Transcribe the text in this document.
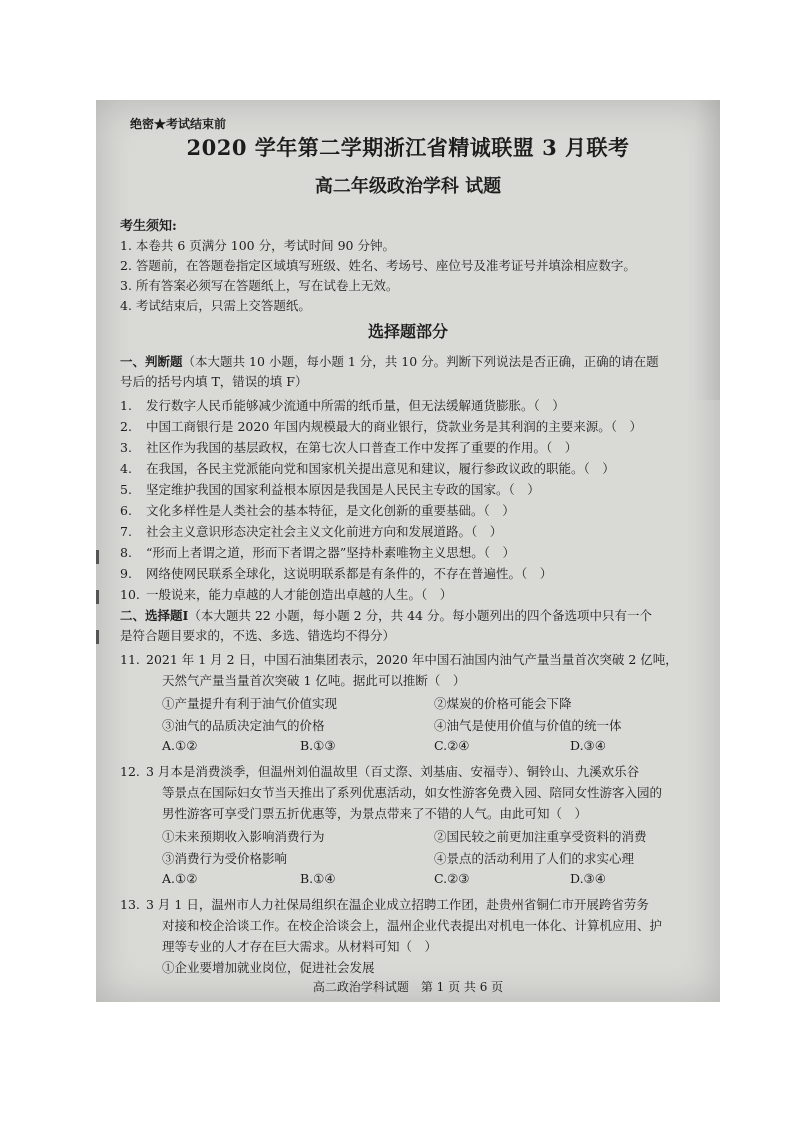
绝密★考试结束前
2020 学年第二学期浙江省精诚联盟 3 月联考
高二年级政治学科 试题
考生须知:
1. 本卷共 6 页满分 100 分，考试时间 90 分钟。
2. 答题前，在答题卷指定区域填写班级、姓名、考场号、座位号及准考证号并填涂相应数字。
3. 所有答案必须写在答题纸上，写在试卷上无效。
4. 考试结束后，只需上交答题纸。
选择题部分
一、判断题（本大题共 10 小题，每小题 1 分，共 10 分。判断下列说法是否正确，正确的请在题
号后的括号内填 T，错误的填 F）
1. 发行数字人民币能够减少流通中所需的纸币量，但无法缓解通货膨胀。（　）
2. 中国工商银行是 2020 年国内规模最大的商业银行，贷款业务是其利润的主要来源。（　）
3. 社区作为我国的基层政权，在第七次人口普查工作中发挥了重要的作用。（　）
4. 在我国，各民主党派能向党和国家机关提出意见和建议，履行参政议政的职能。（　）
5. 坚定维护我国的国家利益根本原因是我国是人民民主专政的国家。（　）
6. 文化多样性是人类社会的基本特征，是文化创新的重要基础。（　）
7. 社会主义意识形态决定社会主义文化前进方向和发展道路。（　）
8. “形而上者谓之道，形而下者谓之器”坚持朴素唯物主义思想。（　）
9. 网络使网民联系全球化，这说明联系都是有条件的，不存在普遍性。（　）
10. 一般说来，能力卓越的人才能创造出卓越的人生。（　）
二、选择题Ⅰ（本大题共 22 小题，每小题 2 分，共 44 分。每小题列出的四个备选项中只有一个
是符合题目要求的，不选、多选、错选均不得分）
11. 2021 年 1 月 2 日，中国石油集团表示，2020 年中国石油国内油气产量当量首次突破 2 亿吨，
天然气产量当量首次突破 1 亿吨。据此可以推断（　）
①产量提升有利于油气价值实现	②煤炭的价格可能会下降
③油气的品质决定油气的价格	④油气是使用价值与价值的统一体
A.①②	B.①③	C.②④	D.③④
12. 3 月本是消费淡季，但温州刘伯温故里（百丈漈、刘基庙、安福寺）、铜铃山、九溪欢乐谷
等景点在国际妇女节当天推出了系列优惠活动，如女性游客免费入园、陪同女性游客入园的
男性游客可享受门票五折优惠等，为景点带来了不错的人气。由此可知（　）
①未来预期收入影响消费行为	②国民较之前更加注重享受资料的消费
③消费行为受价格影响	④景点的活动利用了人们的求实心理
A.①②	B.①④	C.②③	D.③④
13. 3 月 1 日，温州市人力社保局组织在温企业成立招聘工作团，赴贵州省铜仁市开展跨省劳务
对接和校企洽谈工作。在校企洽谈会上，温州企业代表提出对机电一体化、计算机应用、护
理等专业的人才存在巨大需求。从材料可知（　）
①企业要增加就业岗位，促进社会发展
高二政治学科试题　第 1 页 共 6 页
